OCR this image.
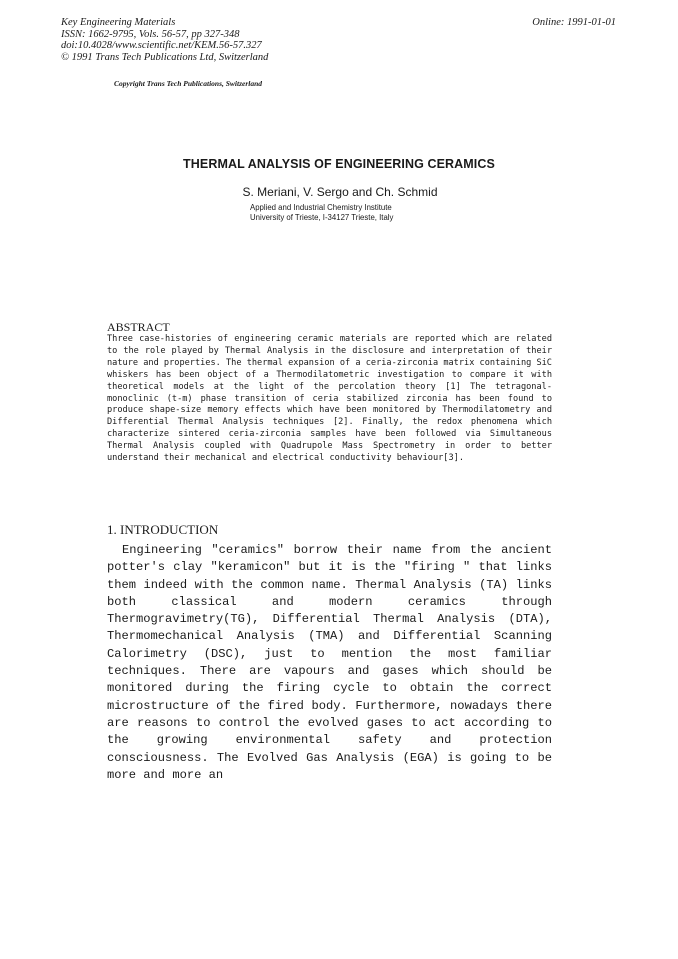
Key Engineering Materials
ISSN: 1662-9795, Vols. 56-57, pp 327-348
doi:10.4028/www.scientific.net/KEM.56-57.327
© 1991 Trans Tech Publications Ltd, Switzerland
Online: 1991-01-01
Copyright Trans Tech Publications, Switzerland
THERMAL ANALYSIS OF ENGINEERING CERAMICS
S. Meriani, V. Sergo and Ch. Schmid
Applied and Industrial Chemistry Institute
University of Trieste, I-34127 Trieste, Italy
ABSTRACT
Three case-histories of engineering ceramic materials are reported which are related to the role played by Thermal Analysis in the disclosure and interpretation of their nature and properties. The thermal expansion of a ceria-zirconia matrix containing SiC whiskers has been object of a Thermodilatometric investigation to compare it with theoretical models at the light of the percolation theory [1] The tetragonal-monoclinic (t-m) phase transition of ceria stabilized zirconia has been found to produce shape-size memory effects which have been monitored by Thermodilatometry and Differential Thermal Analysis techniques [2]. Finally, the redox phenomena which characterize sintered ceria-zirconia samples have been followed via Simultaneous Thermal Analysis coupled with Quadrupole Mass Spectrometry in order to better understand their mechanical and electrical conductivity behaviour[3].
1. INTRODUCTION
Engineering "ceramics" borrow their name from the ancient potter's clay "keramicon" but it is the "firing " that links them indeed with the common name. Thermal Analysis (TA) links both classical and modern ceramics through Thermogravimetry(TG), Differential Thermal Analysis (DTA), Thermomechanical Analysis (TMA) and Differential Scanning Calorimetry (DSC), just to mention the most familiar techniques. There are vapours and gases which should be monitored during the firing cycle to obtain the correct microstructure of the fired body. Furthermore, nowadays there are reasons to control the evolved gases to act according to the growing environmental safety and protection consciousness. The Evolved Gas Analysis (EGA) is going to be more and more an
